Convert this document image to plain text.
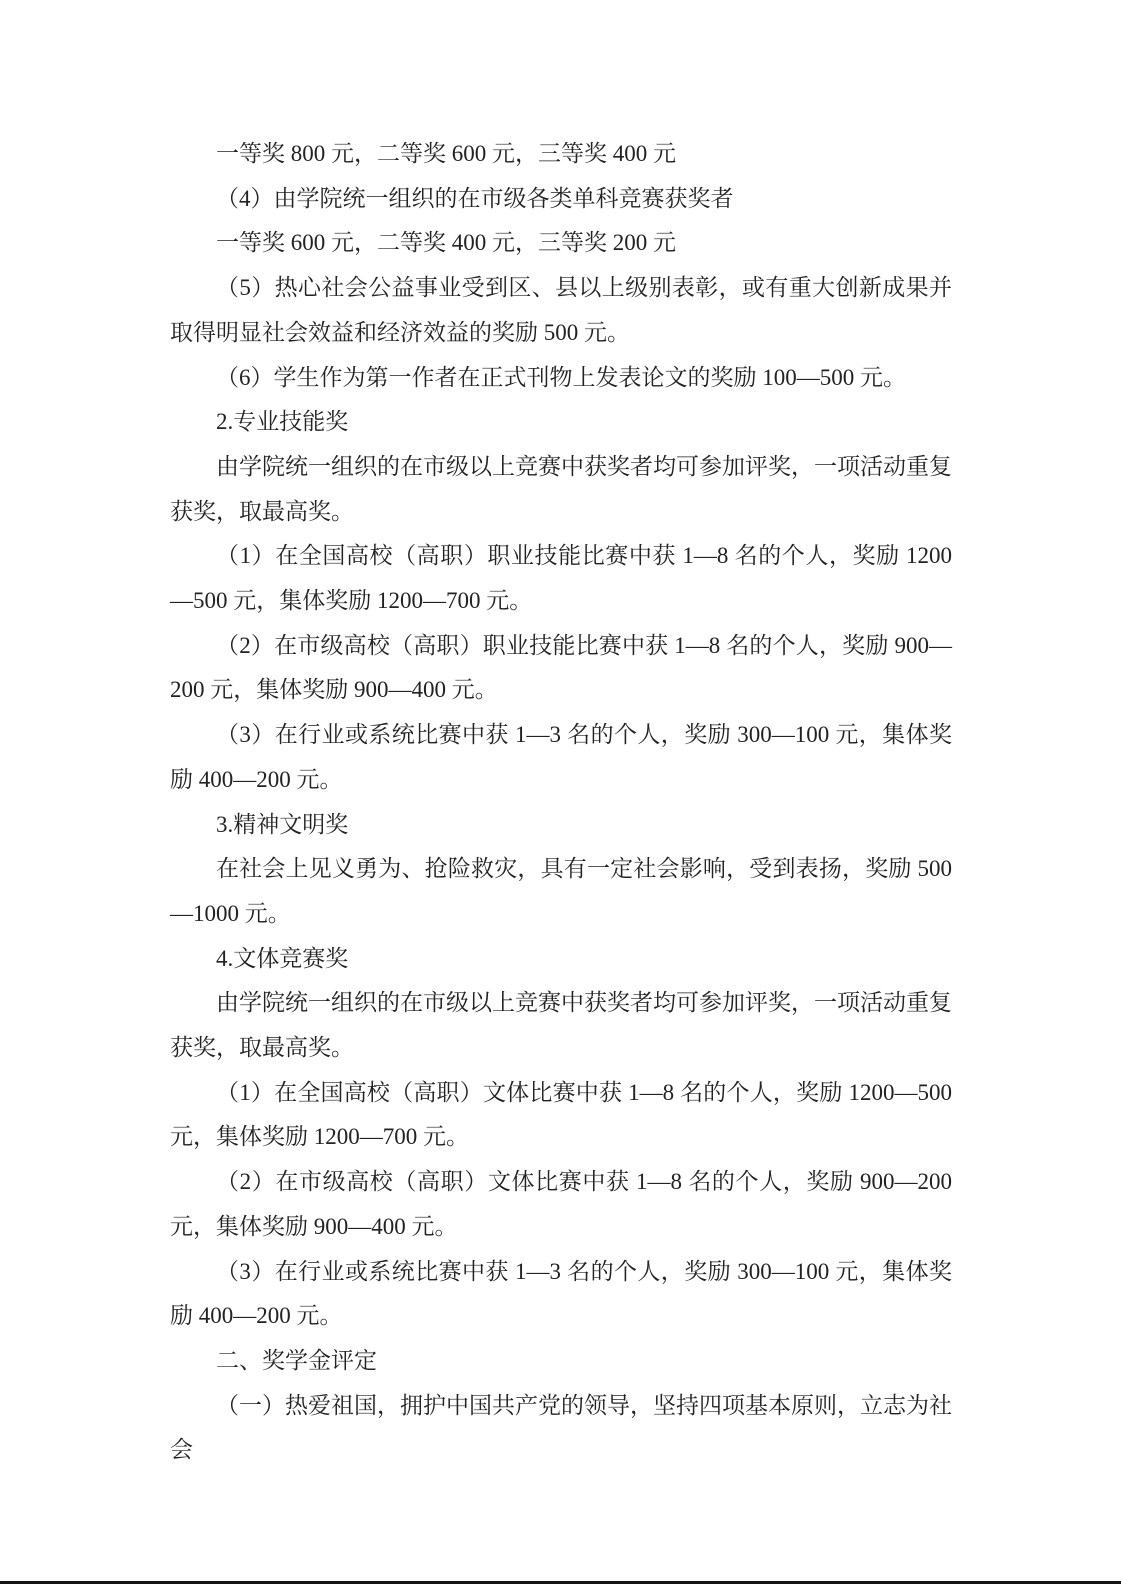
一等奖 800 元，二等奖 600 元，三等奖 400 元

（4）由学院统一组织的在市级各类单科竞赛获奖者

一等奖 600 元，二等奖 400 元，三等奖 200 元

（5）热心社会公益事业受到区、县以上级别表彰，或有重大创新成果并取得明显社会效益和经济效益的奖励 500 元。

（6）学生作为第一作者在正式刊物上发表论文的奖励 100—500 元。

2.专业技能奖

由学院统一组织的在市级以上竞赛中获奖者均可参加评奖，一项活动重复获奖，取最高奖。

（1）在全国高校（高职）职业技能比赛中获 1—8 名的个人，奖励 1200—500 元，集体奖励 1200—700 元。

（2）在市级高校（高职）职业技能比赛中获 1—8 名的个人，奖励 900—200 元，集体奖励 900—400 元。

（3）在行业或系统比赛中获 1—3 名的个人，奖励 300—100 元，集体奖励 400—200 元。

3.精神文明奖

在社会上见义勇为、抢险救灾，具有一定社会影响，受到表扬，奖励 500—1000 元。

4.文体竞赛奖

由学院统一组织的在市级以上竞赛中获奖者均可参加评奖，一项活动重复获奖，取最高奖。

（1）在全国高校（高职）文体比赛中获 1—8 名的个人，奖励 1200—500 元，集体奖励 1200—700 元。

（2）在市级高校（高职）文体比赛中获 1—8 名的个人，奖励 900—200 元，集体奖励 900—400 元。

（3）在行业或系统比赛中获 1—3 名的个人，奖励 300—100 元，集体奖励 400—200 元。

二、奖学金评定

（一）热爱祖国，拥护中国共产党的领导，坚持四项基本原则，立志为社会
